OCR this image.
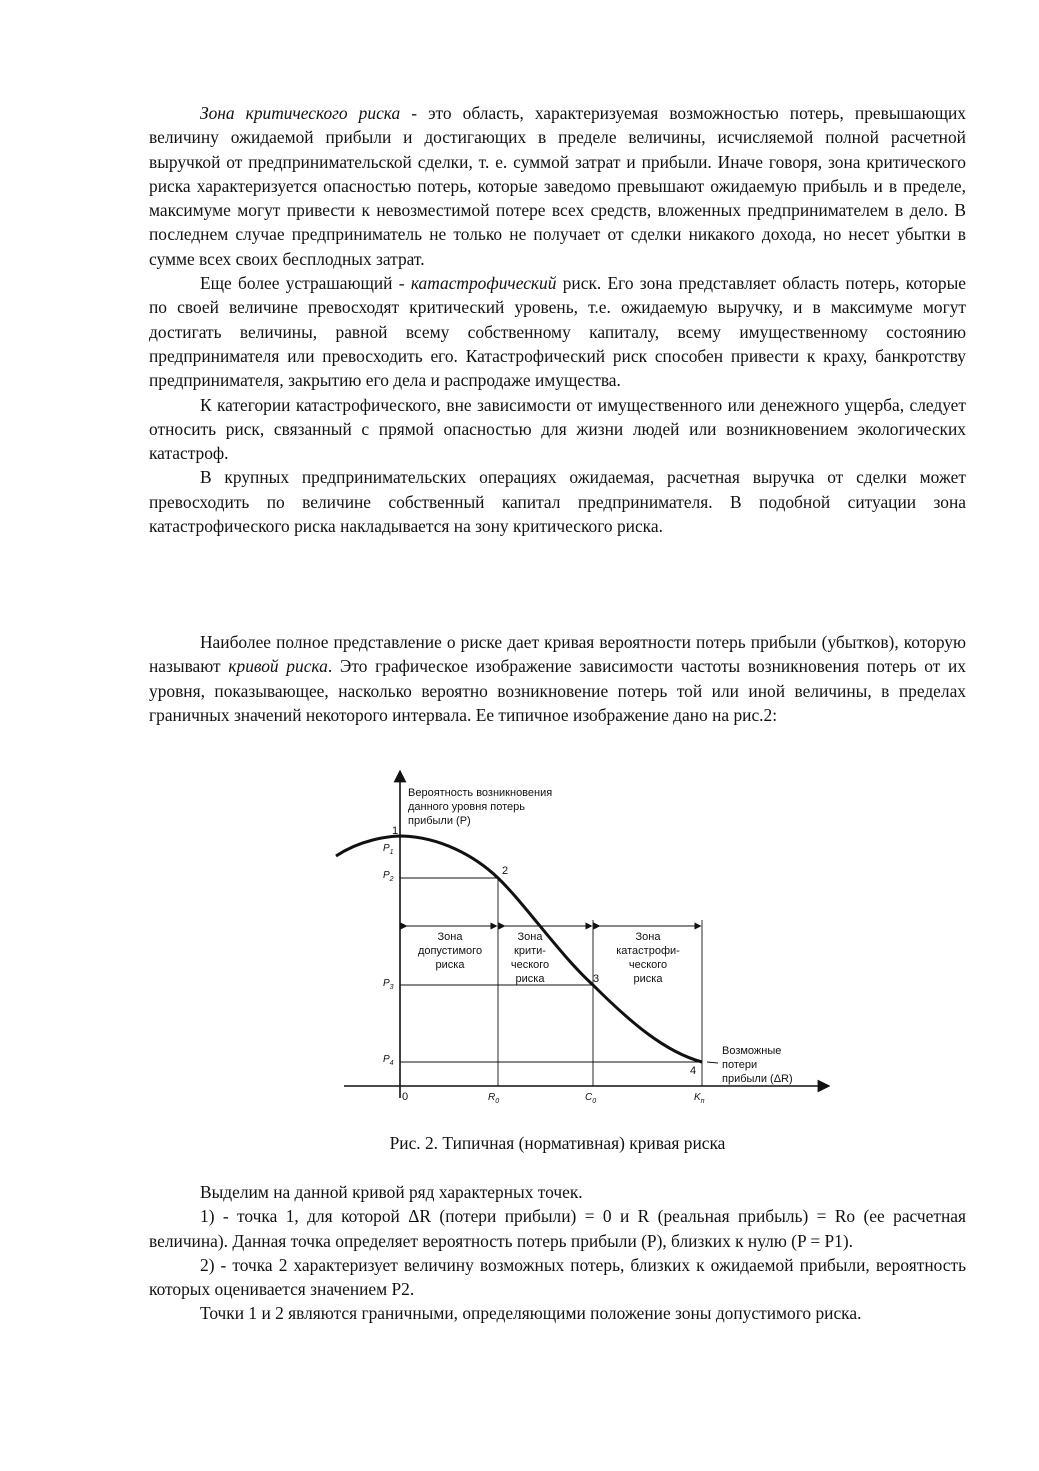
Зона критического риска - это область, характеризуемая возможностью потерь, превышающих величину ожидаемой прибыли и достигающих в пределе величины, исчисляемой полной расчетной выручкой от предпринимательской сделки, т. е. суммой затрат и прибыли. Иначе говоря, зона критического риска характеризуется опасностью потерь, которые заведомо превышают ожидаемую прибыль и в пределе, максимуме могут привести к невозместимой потере всех средств, вложенных предпринимателем в дело. В последнем случае предприниматель не только не получает от сделки никакого дохода, но несет убытки в сумме всех своих бесплодных затрат.

Еще более устрашающий - катастрофический риск. Его зона представляет область потерь, которые по своей величине превосходят критический уровень, т.е. ожидаемую выручку, и в максимуме могут достигать величины, равной всему собственному капиталу, всему имущественному состоянию предпринимателя или превосходить его. Катастрофический риск способен привести к краху, банкротству предпринимателя, закрытию его дела и распродаже имущества.

К категории катастрофического, вне зависимости от имущественного или денежного ущерба, следует относить риск, связанный с прямой опасностью для жизни людей или возникновением экологических катастроф.

В крупных предпринимательских операциях ожидаемая, расчетная выручка от сделки может превосходить по величине собственный капитал предпринимателя. В подобной ситуации зона катастрофического риска накладывается на зону критического риска.

Наиболее полное представление о риске дает кривая вероятности потерь прибыли (убытков), которую называют кривой риска. Это графическое изображение зависимости частоты возникновения потерь от их уровня, показывающее, насколько вероятно возникновение потерь той или иной величины, в пределах граничных значений некоторого интервала. Ее типичное изображение дано на рис.2:

Вероятность возникновения
данного уровня потерь
прибыли (P)
Возможные
потери
прибыли (ΔR)
$P_1$
$P_2$
$P_3$
$P_4$
0	$R_0$	$C_0$	$K_п$
1
2
3
4
Зона
допустимого
риска
Зона
крити-
ческого
риска
Зона
катастрофи-
ческого
риска
Рис. 2. Типичная (нормативная) кривая риска

Выделим на данной кривой ряд характерных точек.

1) - точка 1, для которой ΔR (потери прибыли) = 0 и R (реальная прибыль) = Ro (ее расчетная величина). Данная точка определяет вероятность потерь прибыли (P), близких к нулю (P = P1).

2) - точка 2 характеризует величину возможных потерь, близких к ожидаемой прибыли, вероятность которых оценивается значением P2.

Точки 1 и 2 являются граничными, определяющими положение зоны допустимого риска.
